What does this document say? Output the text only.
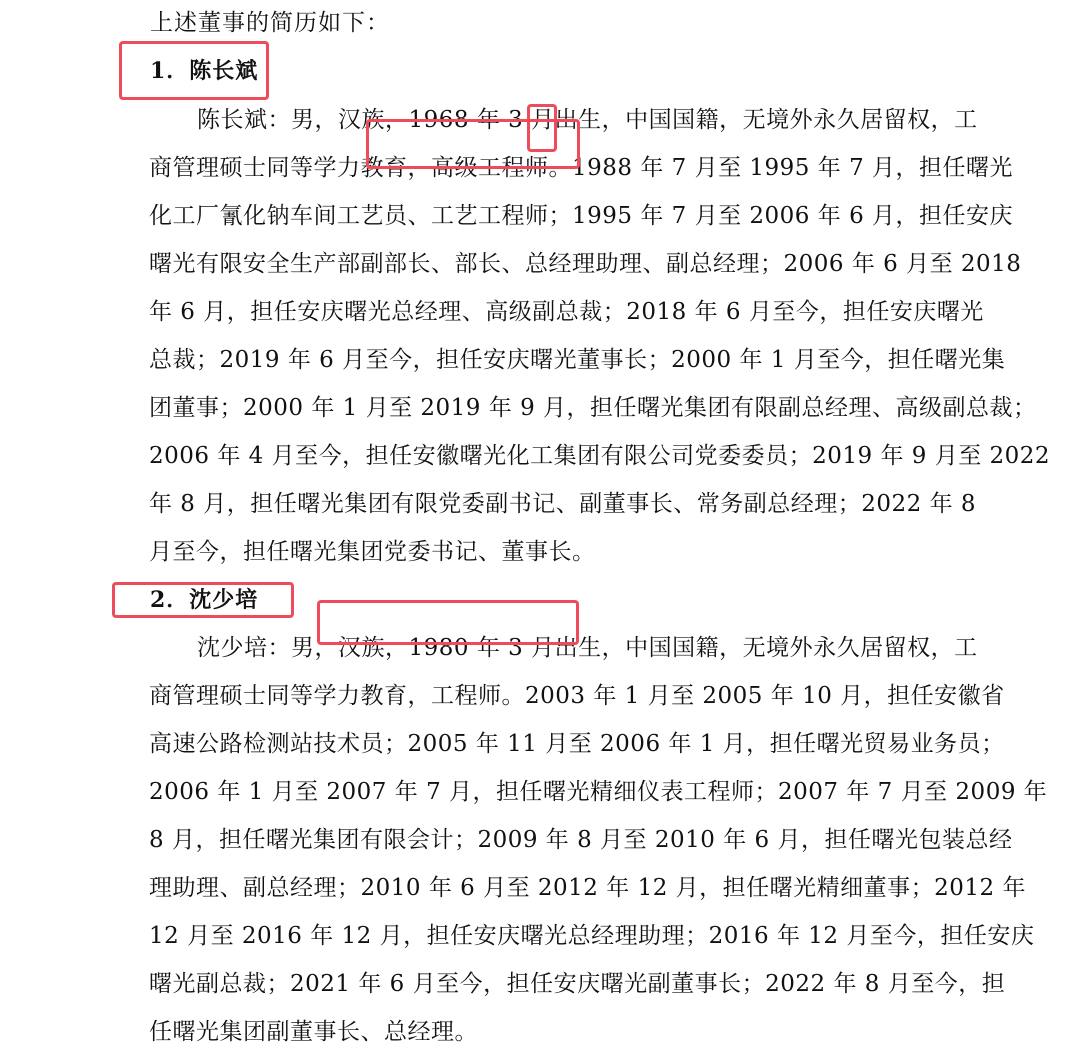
上述董事的简历如下：
1．陈长斌
陈长斌：男，汉族，1968 年 3 月出生，中国国籍，无境外永久居留权，工
商管理硕士同等学力教育，高级工程师。1988 年 7 月至 1995 年 7 月，担任曙光
化工厂氰化钠车间工艺员、工艺工程师；1995 年 7 月至 2006 年 6 月，担任安庆
曙光有限安全生产部副部长、部长、总经理助理、副总经理；2006 年 6 月至 2018
年 6 月，担任安庆曙光总经理、高级副总裁；2018 年 6 月至今，担任安庆曙光
总裁；2019 年 6 月至今，担任安庆曙光董事长；2000 年 1 月至今，担任曙光集
团董事；2000 年 1 月至 2019 年 9 月，担任曙光集团有限副总经理、高级副总裁；
2006 年 4 月至今，担任安徽曙光化工集团有限公司党委委员；2019 年 9 月至 2022
年 8 月，担任曙光集团有限党委副书记、副董事长、常务副总经理；2022 年 8
月至今，担任曙光集团党委书记、董事长。
2．沈少培
沈少培：男，汉族，1980 年 3 月出生，中国国籍，无境外永久居留权，工
商管理硕士同等学力教育，工程师。2003 年 1 月至 2005 年 10 月，担任安徽省
高速公路检测站技术员；2005 年 11 月至 2006 年 1 月，担任曙光贸易业务员；
2006 年 1 月至 2007 年 7 月，担任曙光精细仪表工程师；2007 年 7 月至 2009 年
8 月，担任曙光集团有限会计；2009 年 8 月至 2010 年 6 月，担任曙光包装总经
理助理、副总经理；2010 年 6 月至 2012 年 12 月，担任曙光精细董事；2012 年
12 月至 2016 年 12 月，担任安庆曙光总经理助理；2016 年 12 月至今，担任安庆
曙光副总裁；2021 年 6 月至今，担任安庆曙光副董事长；2022 年 8 月至今，担
任曙光集团副董事长、总经理。
